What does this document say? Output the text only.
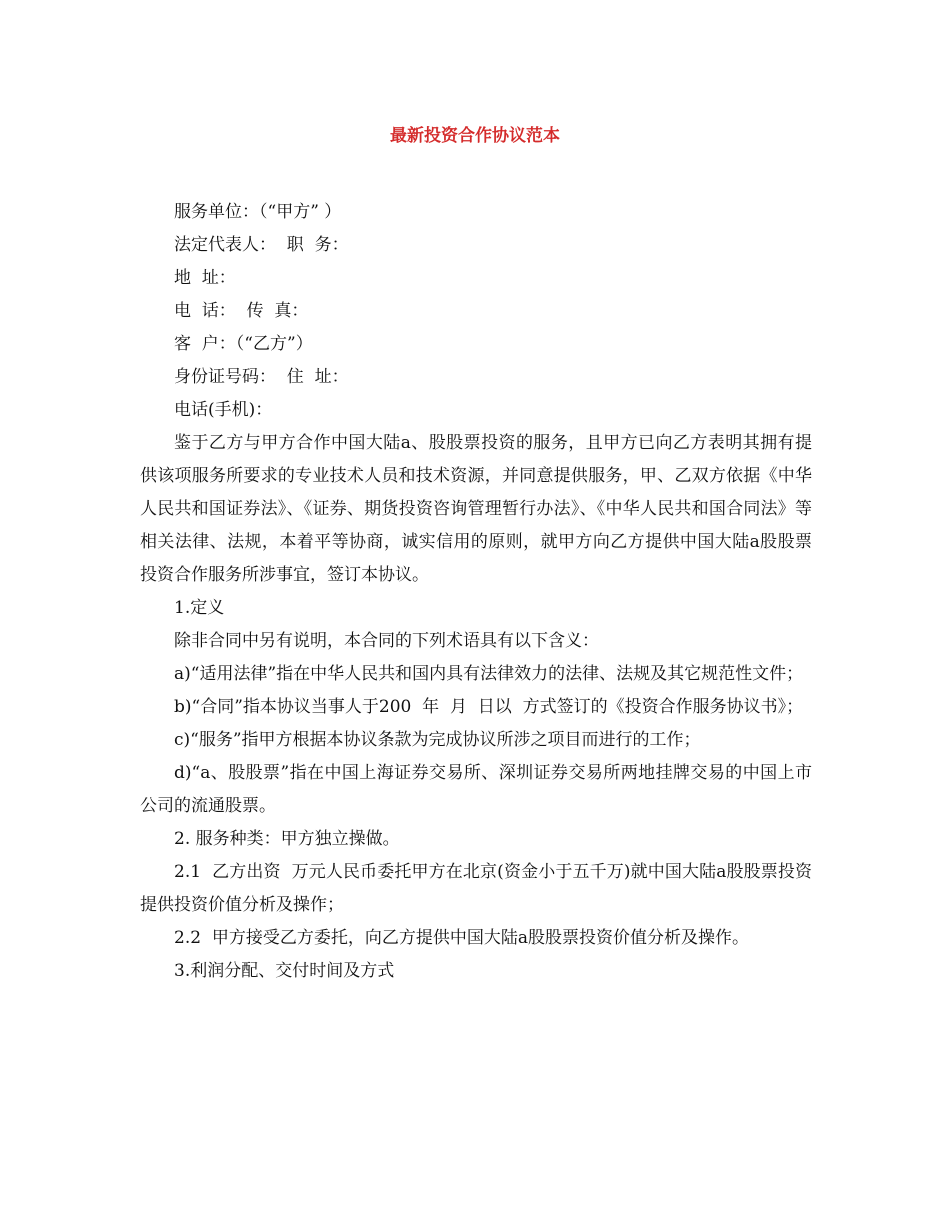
最新投资合作协议范本

服务单位：（“甲方” ）

法定代表人：  职  务：

地  址：

电  话：  传  真：

客  户：（“乙方”）

身份证号码：  住  址：

电话(手机)：

鉴于乙方与甲方合作中国大陆a、股股票投资的服务，且甲方已向乙方表明其拥有提供该项服务所要求的专业技术人员和技术资源，并同意提供服务，甲、乙双方依据《中华人民共和国证券法》、《证券、期货投资咨询管理暂行办法》、《中华人民共和国合同法》等相关法律、法规，本着平等协商，诚实信用的原则，就甲方向乙方提供中国大陆a股股票投资合作服务所涉事宜，签订本协议。

1.定义

除非合同中另有说明，本合同的下列术语具有以下含义：

a)“适用法律”指在中华人民共和国内具有法律效力的法律、法规及其它规范性文件；

b)“合同”指本协议当事人于200  年  月  日以  方式签订的《投资合作服务协议书》；

c)“服务”指甲方根据本协议条款为完成协议所涉之项目而进行的工作；

d)“a、股股票”指在中国上海证券交易所、深圳证券交易所两地挂牌交易的中国上市公司的流通股票。

2. 服务种类：甲方独立操做。

2.1  乙方出资  万元人民币委托甲方在北京(资金小于五千万)就中国大陆a股股票投资提供投资价值分析及操作；

2.2  甲方接受乙方委托，向乙方提供中国大陆a股股票投资价值分析及操作。

3.利润分配、交付时间及方式
